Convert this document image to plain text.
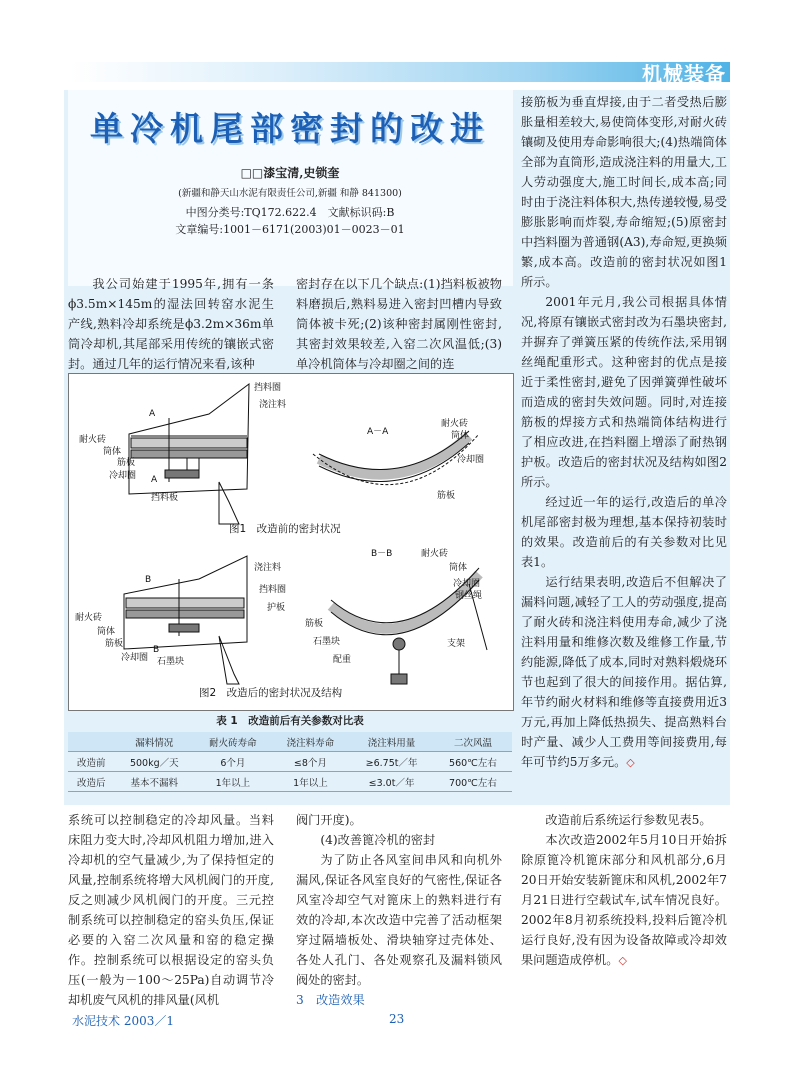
机械装备
单冷机尾部密封的改进
□□漆宝清,史锁奎
(新疆和静天山水泥有限责任公司,新疆 和静 841300)
中图分类号:TQ172.622.4　文献标识码:B
文章编号:1001－6171(2003)01－0023－01

我公司始建于1995年,拥有一条ϕ3.5m×145m的湿法回转窑水泥生产线,熟料冷却系统是ϕ3.2m×36m单筒冷却机,其尾部采用传统的镶嵌式密封。通过几年的运行情况来看,该种

密封存在以下几个缺点:(1)挡料板被物料磨损后,熟料易进入密封凹槽内导致筒体被卡死;(2)该种密封属刚性密封,其密封效果较差,入窑二次风温低;(3)单冷机筒体与冷却圈之间的连

接筋板为垂直焊接,由于二者受热后膨胀量相差较大,易使筒体变形,对耐火砖镶砌及使用寿命影响很大;(4)热端筒体全部为直筒形,造成浇注料的用量大,工人劳动强度大,施工时间长,成本高;同时由于浇注料体积大,热传递较慢,易受膨胀影响而炸裂,寿命缩短;(5)原密封中挡料圈为普通钢(A3),寿命短,更换频繁,成本高。改造前的密封状况如图1所示。

2001年元月,我公司根据具体情况,将原有镶嵌式密封改为石墨块密封,并摒弃了弹簧压紧的传统作法,采用钢丝绳配重形式。这种密封的优点是接近于柔性密封,避免了因弹簧弹性破坏而造成的密封失效问题。同时,对连接筋板的焊接方式和热端筒体结构进行了相应改进,在挡料圈上增添了耐热钢护板。改造后的密封状况及结构如图2所示。

经过近一年的运行,改造后的单冷机尾部密封极为理想,基本保持初装时的效果。改造前后的有关参数对比见表1。

运行结果表明,改造后不但解决了漏料问题,减轻了工人的劳动强度,提高了耐火砖和浇注料使用寿命,减少了浇注料用量和维修次数及维修工作量,节约能源,降低了成本,同时对熟料煅烧环节也起到了很大的间接作用。据估算,年节约耐火材料和维修等直接费用近3万元,再加上降低热损失、提高熟料台时产量、减少人工费用等间接费用,每年可节约5万多元。◇

挡料圈
浇注料
耐火砖
筒体
筋板
冷却圈
挡料板
A
A
A－A
耐火砖
筒体
冷却圈
筋板
图1　改造前的密封状况
浇注料
挡料圈
护板
耐火砖
筒体
筋板
冷却圈 石墨块
B
B
B－B	耐火砖
筒体
冷却圈
钢丝绳
筋板
石墨块	支架
配重
图2　改造后的密封状况及结构
表 1　改造前后有关参数对比表
	漏料情况	耐火砖寿命	浇注料寿命	浇注料用量	二次风温
改造前	500kg／天	6个月	≤8个月	≥6.75t／年	560℃左右
改造后	基本不漏料	1年以上	1年以上	≤3.0t／年	700℃左右

系统可以控制稳定的冷却风量。当料床阻力变大时,冷却风机阻力增加,进入冷却机的空气量减少,为了保持恒定的风量,控制系统将增大风机阀门的开度,反之则减少风机阀门的开度。三元控制系统可以控制稳定的窑头负压,保证必要的入窑二次风量和窑的稳定操作。控制系统可以根据设定的窑头负压(一般为－100～25Pa)自动调节冷却机废气风机的排风量(风机

阀门开度)。

(4)改善篦冷机的密封

为了防止各风室间串风和向机外漏风,保证各风室良好的气密性,保证各风室冷却空气对篦床上的熟料进行有效的冷却,本次改造中完善了活动框架穿过隔墙板处、滑块轴穿过壳体处、各处人孔门、各处观察孔及漏料锁风阀处的密封。

3　改造效果

改造前后系统运行参数见表5。

本次改造2002年5月10日开始拆除原篦冷机篦床部分和风机部分,6月20日开始安装新篦床和风机,2002年7月21日进行空载试车,试车情况良好。2002年8月初系统投料,投料后篦冷机运行良好,没有因为设备故障或冷却效果问题造成停机。◇

水泥技术 2003／1	23
